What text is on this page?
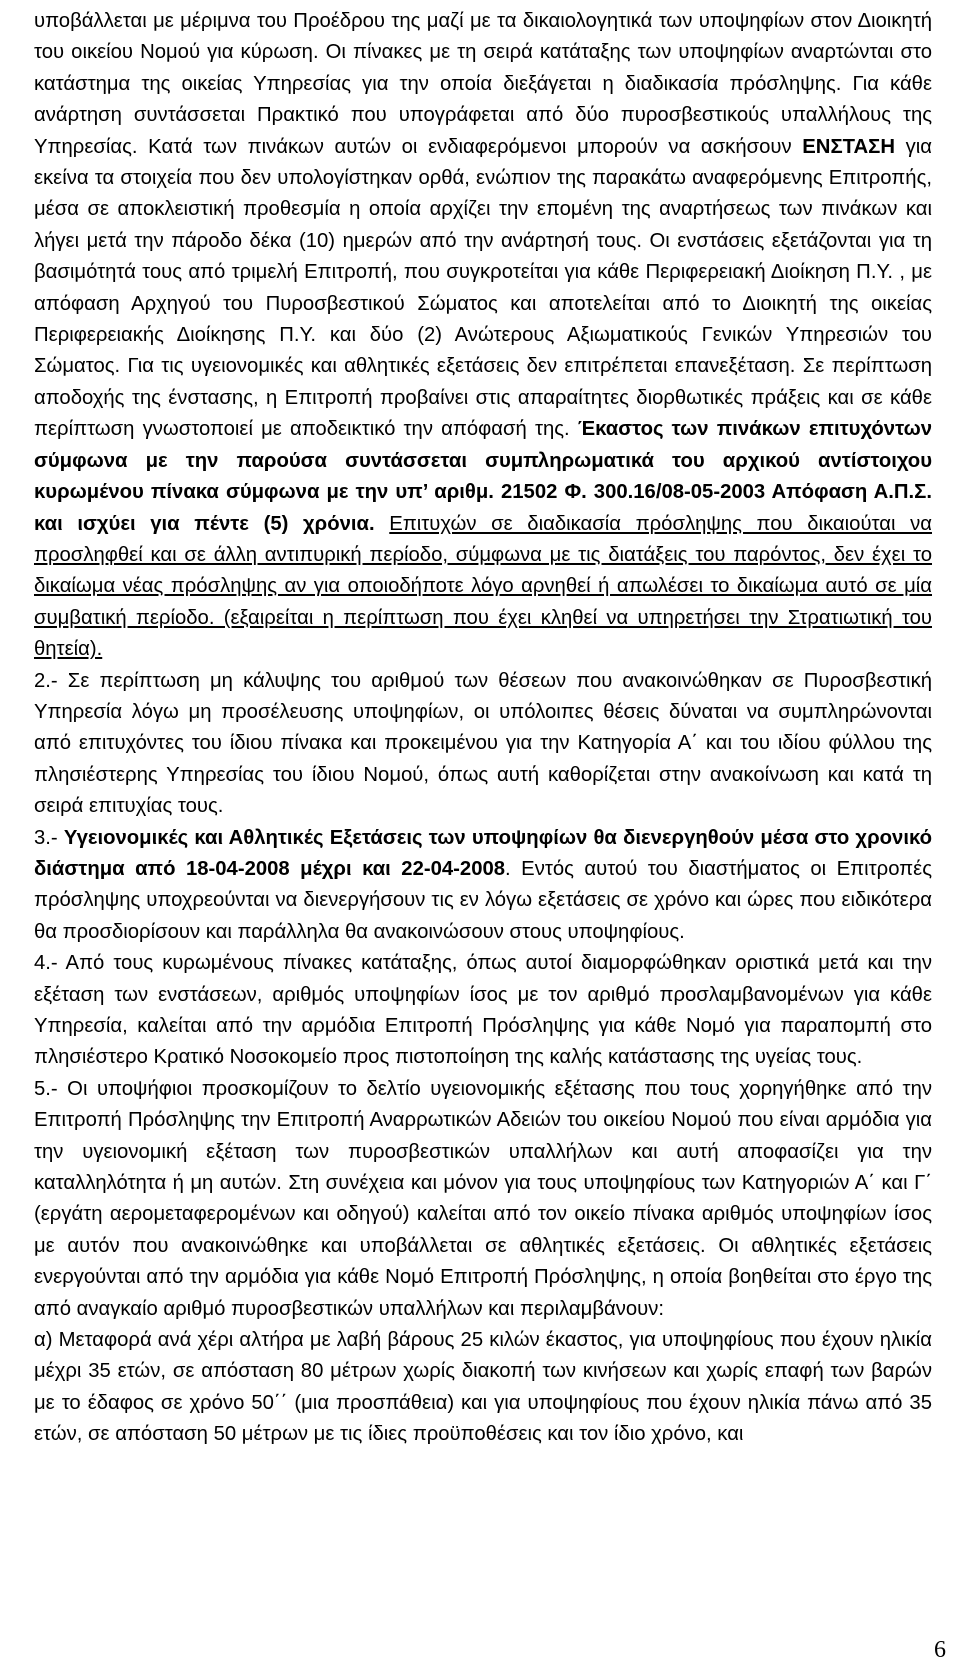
υποβάλλεται με μέριμνα του Προέδρου της μαζί με τα δικαιολογητικά των υποψηφίων στον Διοικητή του οικείου Νομού για κύρωση. Οι πίνακες με τη σειρά κατάταξης των υποψηφίων αναρτώνται στο κατάστημα της οικείας Υπηρεσίας για την οποία διεξάγεται η διαδικασία πρόσληψης. Για κάθε ανάρτηση συντάσσεται Πρακτικό που υπογράφεται από δύο πυροσβεστικούς υπαλλήλους της Υπηρεσίας. Κατά των πινάκων αυτών οι ενδιαφερόμενοι μπορούν να ασκήσουν ΕΝΣΤΑΣΗ για εκείνα τα στοιχεία που δεν υπολογίστηκαν ορθά, ενώπιον της παρακάτω αναφερόμενης Επιτροπής, μέσα σε αποκλειστική προθεσμία η οποία αρχίζει την επομένη της αναρτήσεως των πινάκων και λήγει μετά την πάροδο δέκα (10) ημερών από την ανάρτησή τους. Οι ενστάσεις εξετάζονται για τη βασιμότητά τους από τριμελή Επιτροπή, που συγκροτείται για κάθε Περιφερειακή Διοίκηση Π.Υ. , με απόφαση Αρχηγού του Πυροσβεστικού Σώματος και αποτελείται από το Διοικητή της οικείας Περιφερειακής Διοίκησης Π.Υ. και δύο (2) Ανώτερους Αξιωματικούς Γενικών Υπηρεσιών του Σώματος. Για τις υγειονομικές και αθλητικές εξετάσεις δεν επιτρέπεται επανεξέταση. Σε περίπτωση αποδοχής της ένστασης, η Επιτροπή προβαίνει στις απαραίτητες διορθωτικές πράξεις και σε κάθε περίπτωση γνωστοποιεί με αποδεικτικό την απόφασή της. Έκαστος των πινάκων επιτυχόντων σύμφωνα με την παρούσα συντάσσεται συμπληρωματικά του αρχικού αντίστοιχου κυρωμένου πίνακα σύμφωνα με την υπ’ αριθμ. 21502 Φ. 300.16/08-05-2003 Απόφαση Α.Π.Σ. και ισχύει για πέντε (5) χρόνια. Επιτυχών σε διαδικασία πρόσληψης που δικαιούται να προσληφθεί και σε άλλη αντιπυρική περίοδο, σύμφωνα με τις διατάξεις του παρόντος, δεν έχει το δικαίωμα νέας πρόσληψης αν για οποιοδήποτε λόγο αρνηθεί ή απωλέσει το δικαίωμα αυτό σε μία συμβατική περίοδο. (εξαιρείται η περίπτωση που έχει κληθεί να υπηρετήσει την Στρατιωτική του θητεία).

2.- Σε περίπτωση μη κάλυψης του αριθμού των θέσεων που ανακοινώθηκαν σε Πυροσβεστική Υπηρεσία λόγω μη προσέλευσης υποψηφίων, οι υπόλοιπες θέσεις δύναται να συμπληρώνονται από επιτυχόντες του ίδιου πίνακα και προκειμένου για την Κατηγορία Α΄ και του ιδίου φύλλου της πλησιέστερης Υπηρεσίας του ίδιου Νομού, όπως αυτή καθορίζεται στην ανακοίνωση και κατά τη σειρά επιτυχίας τους.

3.- Υγειονομικές και Αθλητικές Εξετάσεις των υποψηφίων θα διενεργηθούν μέσα στο χρονικό διάστημα από 18-04-2008 μέχρι και 22-04-2008. Εντός αυτού του διαστήματος οι Επιτροπές πρόσληψης υποχρεούνται να διενεργήσουν τις εν λόγω εξετάσεις σε χρόνο και ώρες που ειδικότερα θα προσδιορίσουν και παράλληλα θα ανακοινώσουν στους υποψηφίους.

4.- Από τους κυρωμένους πίνακες κατάταξης, όπως αυτοί διαμορφώθηκαν οριστικά μετά και την εξέταση των ενστάσεων, αριθμός υποψηφίων ίσος με τον αριθμό προσλαμβανομένων για κάθε Υπηρεσία, καλείται από την αρμόδια Επιτροπή Πρόσληψης για κάθε Νομό για παραπομπή στο πλησιέστερο Κρατικό Νοσοκομείο προς πιστοποίηση της καλής κατάστασης της υγείας τους.

5.- Οι υποψήφιοι προσκομίζουν το δελτίο υγειονομικής εξέτασης που τους χορηγήθηκε από την Επιτροπή Πρόσληψης την Επιτροπή Αναρρωτικών Αδειών του οικείου Νομού που είναι αρμόδια για την υγειονομική εξέταση των πυροσβεστικών υπαλλήλων και αυτή αποφασίζει για την καταλληλότητα ή μη αυτών. Στη συνέχεια και μόνον για τους υποψηφίους των Κατηγοριών Α΄ και Γ΄ (εργάτη αερομεταφερομένων και οδηγού) καλείται από τον οικείο πίνακα αριθμός υποψηφίων ίσος με αυτόν που ανακοινώθηκε και υποβάλλεται σε αθλητικές εξετάσεις. Οι αθλητικές εξετάσεις ενεργούνται από την αρμόδια για κάθε Νομό Επιτροπή Πρόσληψης, η οποία βοηθείται στο έργο της από αναγκαίο αριθμό πυροσβεστικών υπαλλήλων και περιλαμβάνουν:

α) Μεταφορά ανά χέρι αλτήρα με λαβή βάρους 25 κιλών έκαστος, για υποψηφίους που έχουν ηλικία μέχρι 35 ετών, σε απόσταση 80 μέτρων χωρίς διακοπή των κινήσεων και χωρίς επαφή των βαρών με το έδαφος σε χρόνο 50΄΄ (μια προσπάθεια) και για υποψηφίους που έχουν ηλικία πάνω από 35 ετών, σε απόσταση 50 μέτρων με τις ίδιες προϋποθέσεις και τον ίδιο χρόνο, και

6
